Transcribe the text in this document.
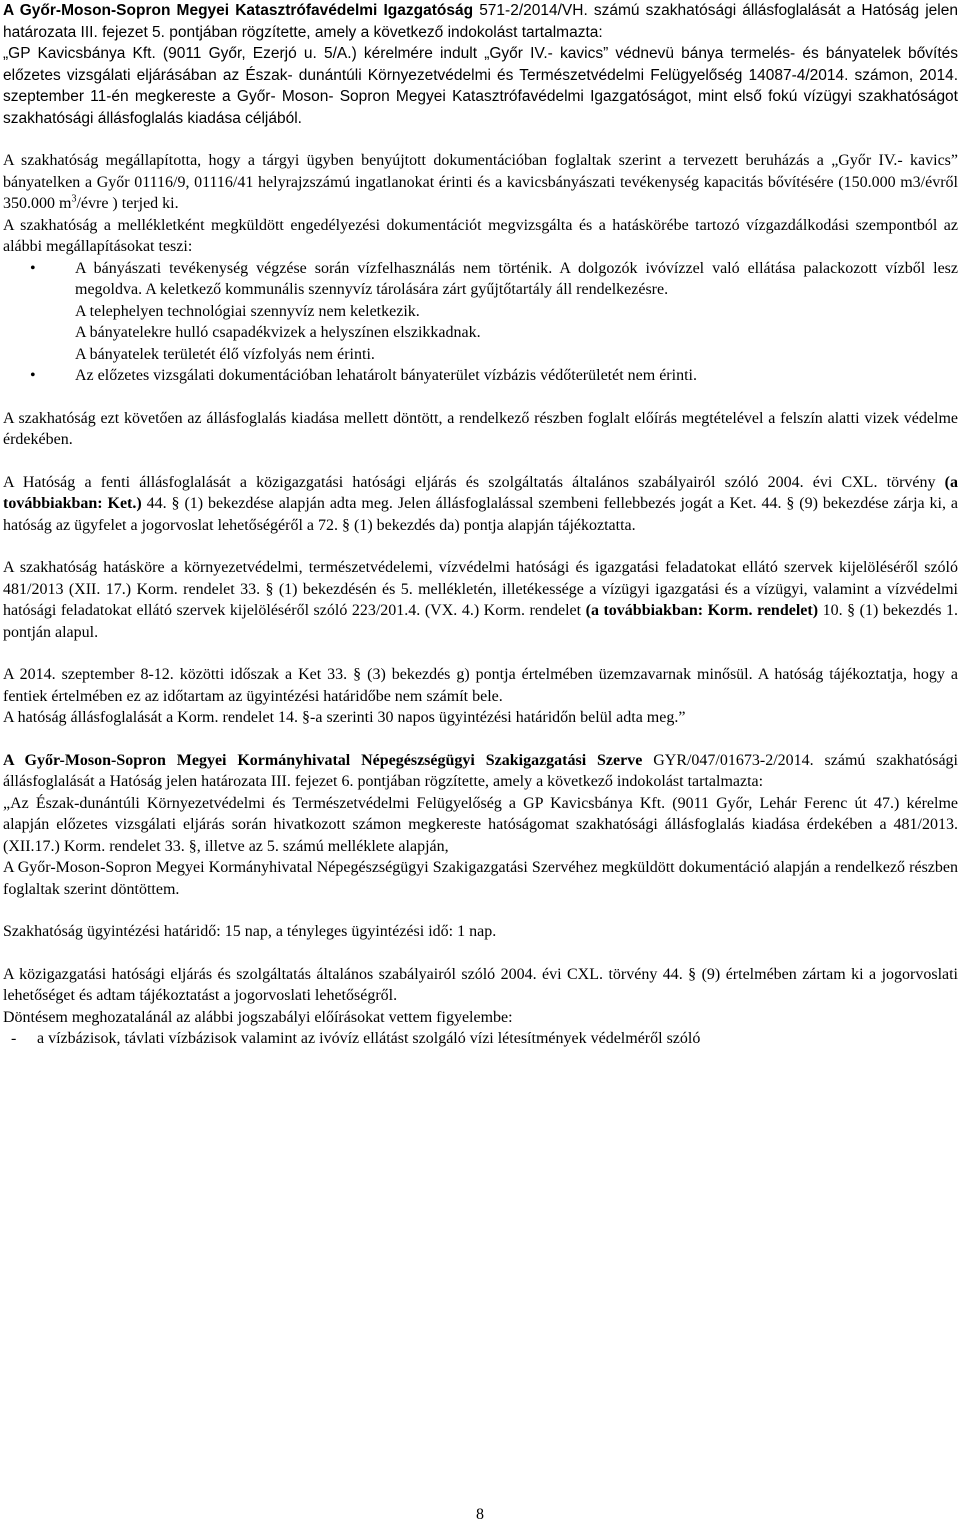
A Győr-Moson-Sopron Megyei Katasztrófavédelmi Igazgatóság 571-2/2014/VH. számú szakhatósági állásfoglalását a Hatóság jelen határozata III. fejezet 5. pontjában rögzítette, amely a következő indokolást tartalmazta:

„GP Kavicsbánya Kft. (9011 Győr, Ezerjó u. 5/A.) kérelmére indult „Győr IV.- kavics” védnevü bánya termelés- és bányatelek bővítés előzetes vizsgálati eljárásában az Észak- dunántúli Környezetvédelmi és Természetvédelmi Felügyelőség 14087-4/2014. számon, 2014. szeptember 11-én megkereste a Győr- Moson- Sopron Megyei Katasztrófavédelmi Igazgatóságot, mint első fokú vízügyi szakhatóságot szakhatósági állásfoglalás kiadása céljából.

A szakhatóság megállapította, hogy a tárgyi ügyben benyújtott dokumentációban foglaltak szerint a tervezett beruházás a „Győr IV.- kavics” bányatelken a Győr 01116/9, 01116/41 helyrajzszámú ingatlanokat érinti és a kavicsbányászati tevékenység kapacitás bővítésére (150.000 m3/évről 350.000 $m^3$/évre ) terjed ki.

A szakhatóság a mellékletként megküldött engedélyezési dokumentációt megvizsgálta és a hatáskörébe tartozó vízgazdálkodási szempontból az alábbi megállapításokat teszi:

• A bányászati tevékenység végzése során vízfelhasználás nem történik. A dolgozók ivóvízzel való ellátása palackozott vízből lesz megoldva. A keletkező kommunális szennyvíz tárolására zárt gyűjtőtartály áll rendelkezésre.
A telephelyen technológiai szennyvíz nem keletkezik.
A bányatelekre hulló csapadékvizek a helyszínen elszikkadnak.
A bányatelek területét élő vízfolyás nem érinti.
• Az előzetes vizsgálati dokumentációban lehatárolt bányaterület vízbázis védőterületét nem érinti.

A szakhatóság ezt követően az állásfoglalás kiadása mellett döntött, a rendelkező részben foglalt előírás megtételével a felszín alatti vizek védelme érdekében.

A Hatóság a fenti állásfoglalását a közigazgatási hatósági eljárás és szolgáltatás általános szabályairól szóló 2004. évi CXL. törvény (a továbbiakban: Ket.) 44. § (1) bekezdése alapján adta meg. Jelen állásfoglalással szembeni fellebbezés jogát a Ket. 44. § (9) bekezdése zárja ki, a hatóság az ügyfelet a jogorvoslat lehetőségéről a 72. § (1) bekezdés da) pontja alapján tájékoztatta.

A szakhatóság hatásköre a környezetvédelmi, természetvédelemi, vízvédelmi hatósági és igazgatási feladatokat ellátó szervek kijelöléséről szóló 481/2013 (XII. 17.) Korm. rendelet 33. § (1) bekezdésén és 5. mellékletén, illetékessége a vízügyi igazgatási és a vízügyi, valamint a vízvédelmi hatósági feladatokat ellátó szervek kijelöléséről szóló 223/201.4. (VX. 4.) Korm. rendelet (a továbbiakban: Korm. rendelet) 10. § (1) bekezdés 1. pontján alapul.

A 2014. szeptember 8-12. közötti időszak a Ket 33. § (3) bekezdés g) pontja értelmében üzemzavarnak minősül. A hatóság tájékoztatja, hogy a fentiek értelmében ez az időtartam az ügyintézési határidőbe nem számít bele.

A hatóság állásfoglalását a Korm. rendelet 14. §-a szerinti 30 napos ügyintézési határidőn belül adta meg.”

A Győr-Moson-Sopron Megyei Kormányhivatal Népegészségügyi Szakigazgatási Szerve GYR/047/01673-2/2014. számú szakhatósági állásfoglalását a Hatóság jelen határozata III. fejezet 6. pontjában rögzítette, amely a következő indokolást tartalmazta:

„Az Észak-dunántúli Környezetvédelmi és Természetvédelmi Felügyelőség a GP Kavicsbánya Kft. (9011 Győr, Lehár Ferenc út 47.) kérelme alapján előzetes vizsgálati eljárás során hivatkozott számon megkereste hatóságomat szakhatósági állásfoglalás kiadása érdekében a 481/2013. (XII.17.) Korm. rendelet 33. §, illetve az 5. számú melléklete alapján,

A Győr-Moson-Sopron Megyei Kormányhivatal Népegészségügyi Szakigazgatási Szervéhez megküldött dokumentáció alapján a rendelkező részben foglaltak szerint döntöttem.

Szakhatóság ügyintézési határidő: 15 nap, a tényleges ügyintézési idő: 1 nap.

A közigazgatási hatósági eljárás és szolgáltatás általános szabályairól szóló 2004. évi CXL. törvény 44. § (9) értelmében zártam ki a jogorvoslati lehetőséget és adtam tájékoztatást a jogorvoslati lehetőségről.

Döntésem meghozatalánál az alábbi jogszabályi előírásokat vettem figyelembe:

- a vízbázisok, távlati vízbázisok valamint az ivóvíz ellátást szolgáló vízi létesítmények védelméről szóló
8
